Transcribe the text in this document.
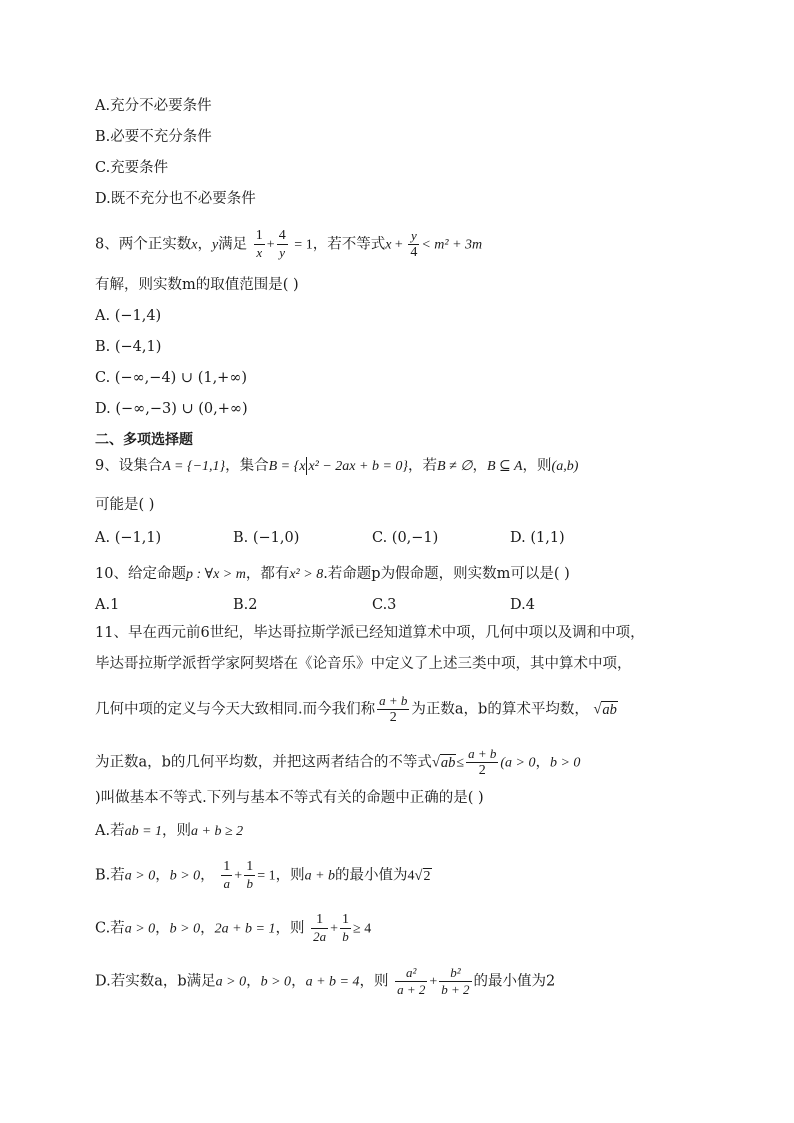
A.充分不必要条件
B.必要不充分条件
C.充要条件
D.既不充分也不必要条件
8、两个正实数x，y满足 $\frac{1}{x} + \frac{4}{y} = 1$，若不等式$x + \frac{y}{4} < m^2 + 3m$
有解，则实数m的取值范围是( )
A. (−1,4)
B. (−4,1)
C. (−∞,−4) ∪ (1,+∞)
D. (−∞,−3) ∪ (0,+∞)
二、多项选择题
9、设集合A = {−1,1}，集合B = {x x² − 2ax + b = 0}，若B ≠ ∅，B ⊆ A，则(a,b)
可能是( )
A. (−1,1)	B. (−1,0)	C. (0,−1)	D. (1,1)
10、给定命题p : ∀x > m，都有x² > 8.若命题p为假命题，则实数m可以是( )
A.1	B.2	C.3	D.4
11、早在西元前6世纪，毕达哥拉斯学派已经知道算术中项，几何中项以及调和中项，
毕达哥拉斯学派哲学家阿契塔在《论音乐》中定义了上述三类中项，其中算术中项，
几何中项的定义与今天大致相同.而今我们称 $\frac{a + b}{2}$ 为正数a，b的算术平均数， √ab
为正数a，b的几何平均数，并把这两者结合的不等式$√ab\le \frac{a + b}{2} (a > 0$，b > 0
)叫做基本不等式.下列与基本不等式有关的命题中正确的是( )
A.若ab = 1，则a + b ≥ 2
B.若a > 0，b > 0， $\frac{1}{a} + \frac{1}{b} = 1$，则a + b的最小值为4√2
C.若a > 0，b > 0，2a + b = 1，则 $\frac{1}{2a} + \frac{1}{b} \ge 4$
D.若实数a，b满足a > 0，b > 0，a + b = 4，则 $\frac{\text{a²}}{a + 2} + \frac{\text{b²}}{b + 2}$ 的最小值为2
